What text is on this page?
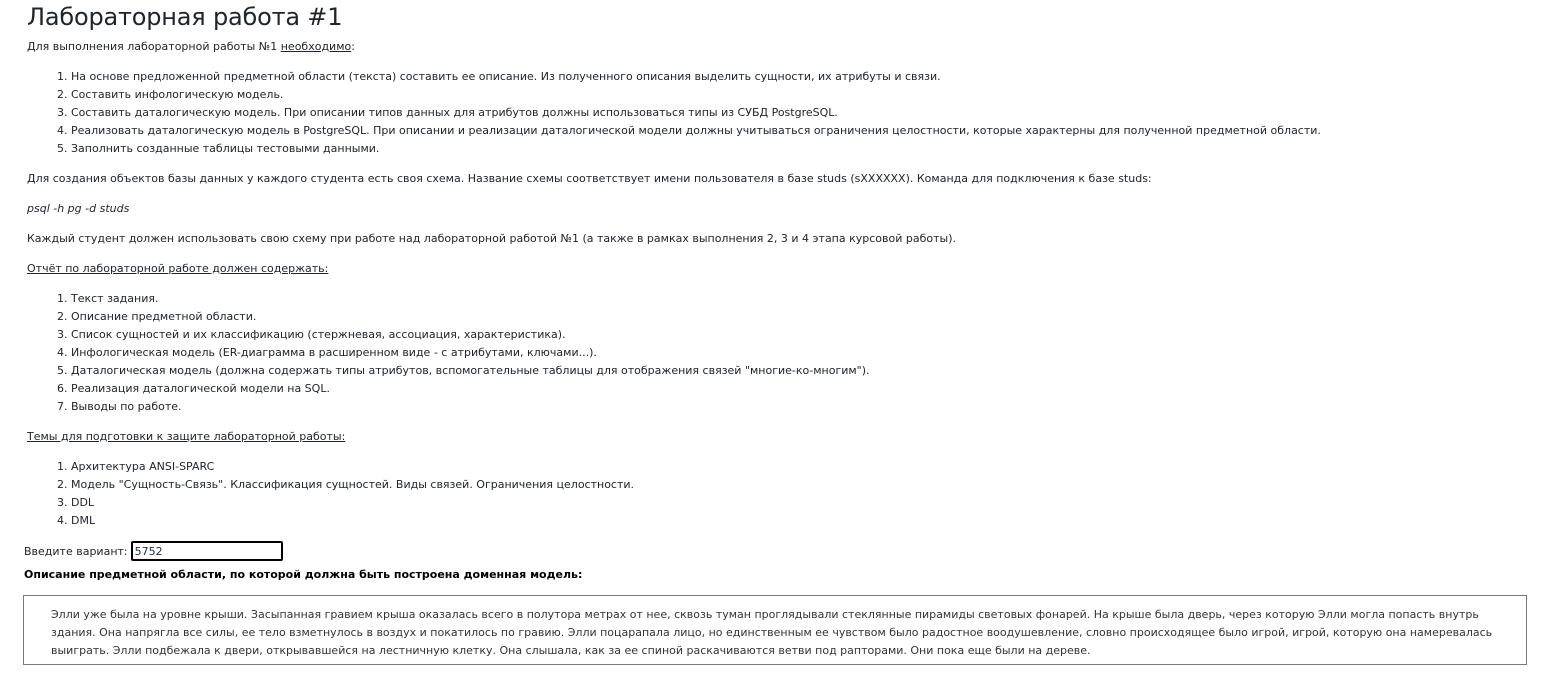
Лабораторная работа #1

Для выполнения лабораторной работы №1 необходимо:

1. На основе предложенной предметной области (текста) составить ее описание. Из полученного описания выделить сущности, их атрибуты и связи.
2. Составить инфологическую модель.
3. Составить даталогическую модель. При описании типов данных для атрибутов должны использоваться типы из СУБД PostgreSQL.
4. Реализовать даталогическую модель в PostgreSQL. При описании и реализации даталогической модели должны учитываться ограничения целостности, которые характерны для полученной предметной области.
5. Заполнить созданные таблицы тестовыми данными.

Для создания объектов базы данных у каждого студента есть своя схема. Название схемы соответствует имени пользователя в базе studs (sXXXXXX). Команда для подключения к базе studs:

psql -h pg -d studs

Каждый студент должен использовать свою схему при работе над лабораторной работой №1 (а также в рамках выполнения 2, 3 и 4 этапа курсовой работы).

Отчёт по лабораторной работе должен содержать:

1. Текст задания.
2. Описание предметной области.
3. Список сущностей и их классификацию (стержневая, ассоциация, характеристика).
4. Инфологическая модель (ER-диаграмма в расширенном виде - с атрибутами, ключами...).
5. Даталогическая модель (должна содержать типы атрибутов, вспомогательные таблицы для отображения связей "многие-ко-многим").
6. Реализация даталогической модели на SQL.
7. Выводы по работе.

Темы для подготовки к защите лабораторной работы:

1. Архитектура ANSI-SPARC
2. Модель "Сущность-Связь". Классификация сущностей. Виды связей. Ограничения целостности.
3. DDL
4. DML
Введите вариант:
5752
Описание предметной области, по которой должна быть построена доменная модель:
Элли уже была на уровне крыши. Засыпанная гравием крыша оказалась всего в полутора метрах от нее, сквозь туман проглядывали стеклянные пирамиды световых фонарей. На крыше была дверь, через которую Элли могла попасть внутрь здания. Она напрягла все силы, ее тело взметнулось в воздух и покатилось по гравию. Элли поцарапала лицо, но единственным ее чувством было радостное воодушевление, словно происходящее было игрой, игрой, которую она намеревалась выиграть. Элли подбежала к двери, открывавшейся на лестничную клетку. Она слышала, как за ее спиной раскачиваются ветви под рапторами. Они пока еще были на дереве.
